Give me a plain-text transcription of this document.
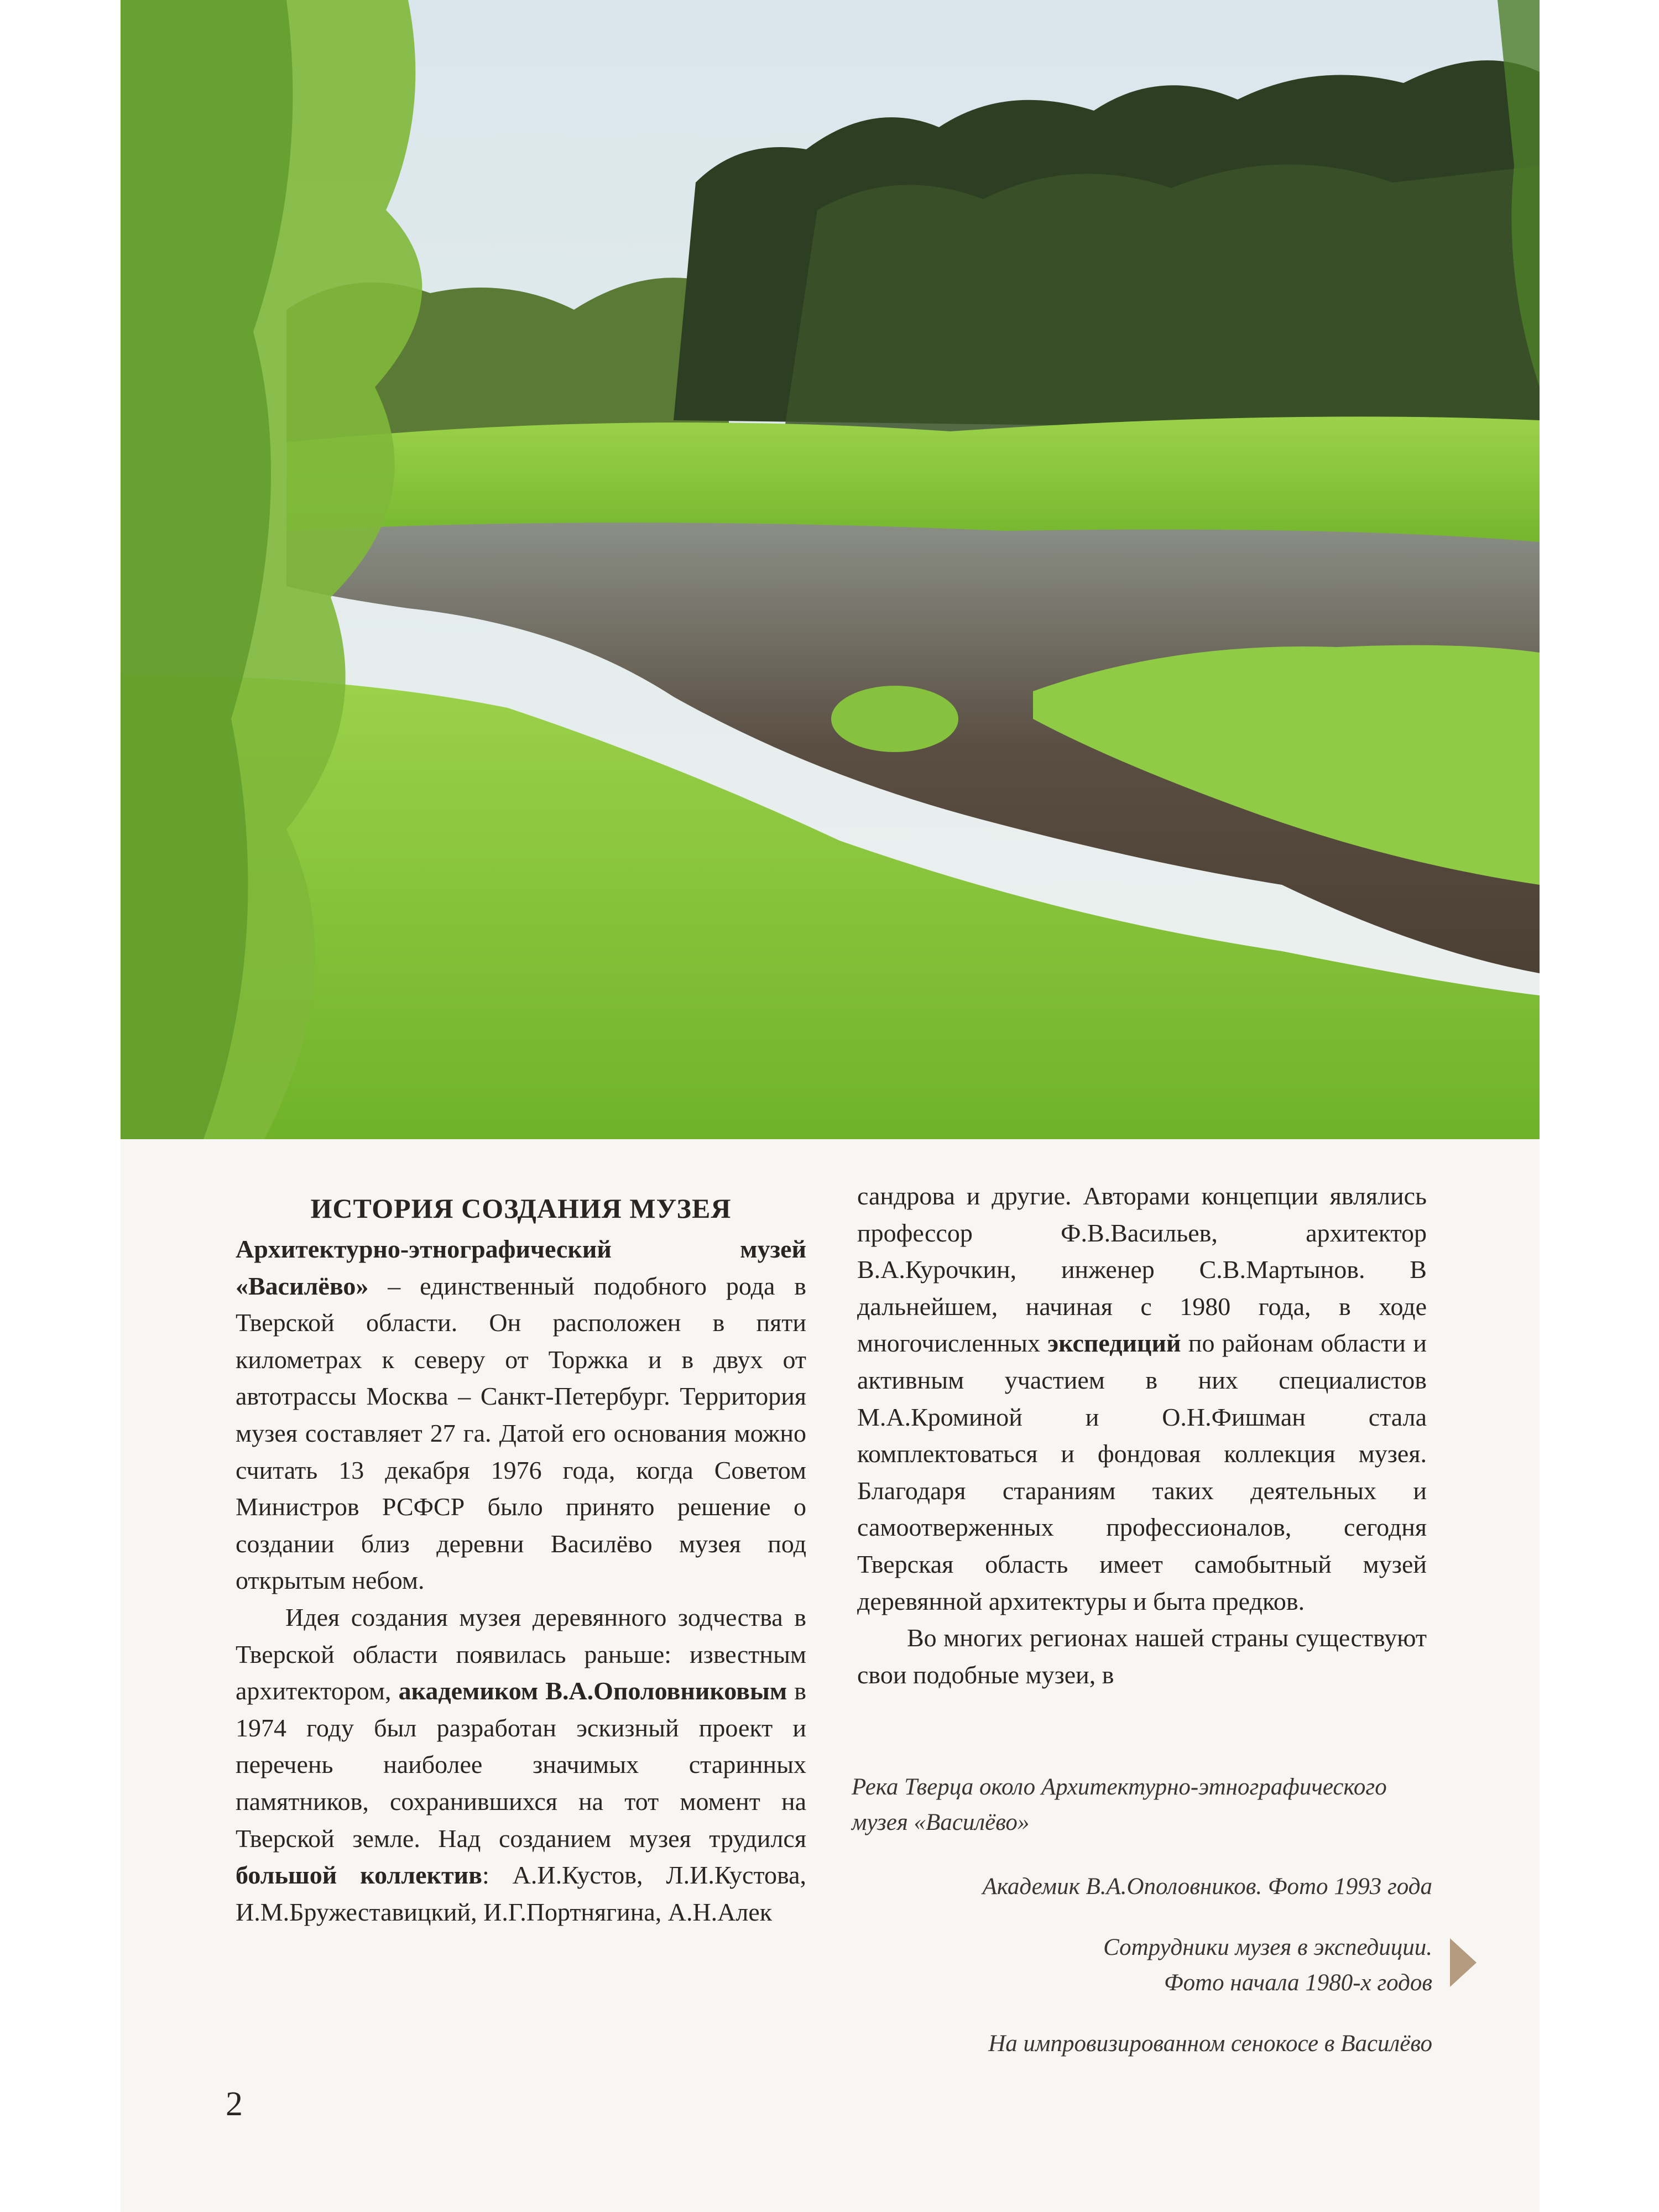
ИСТОРИЯ СОЗДАНИЯ МУЗЕЯ

Архитектурно-этнографический музей «Василёво» – единственный подобного рода в Тверской области. Он расположен в пяти километрах к северу от Торжка и в двух от автотрассы Москва – Санкт-Петербург. Территория музея составляет 27 га. Датой его основания можно считать 13 декабря 1976 года, когда Советом Министров РСФСР было принято решение о создании близ деревни Василёво музея под открытым небом.

Идея создания музея деревянного зодчества в Тверской области появилась раньше: известным архитектором, академиком В.А.Ополовниковым в 1974 году был разработан эскизный проект и перечень наиболее значимых старинных памятников, сохранившихся на тот момент на Тверской земле. Над созданием музея трудился большой коллектив: А.И.Кустов, Л.И.Кустова, И.М.Бружеставицкий, И.Г.Портнягина, А.Н.Алек

сандрова и другие. Авторами концепции являлись профессор Ф.В.Васильев, архитектор В.А.Курочкин, инженер С.В.Мартынов. В дальнейшем, начиная с 1980 года, в ходе многочисленных экспедиций по районам области и активным участием в них специалистов М.А.Кроминой и О.Н.Фишман стала комплектоваться и фондовая коллекция музея. Благодаря стараниям таких деятельных и самоотверженных профессионалов, сегодня Тверская область имеет самобытный музей деревянной архитектуры и быта предков.

Во многих регионах нашей страны существуют свои подобные музеи, в

Река Тверца около Архитектурно-этнографического музея «Василёво»

Академик В.А.Ополовников. Фото 1993 года

Сотрудники музея в экспедиции.
Фото начала 1980-х годов

На импровизированном сенокосе в Василёво

2
